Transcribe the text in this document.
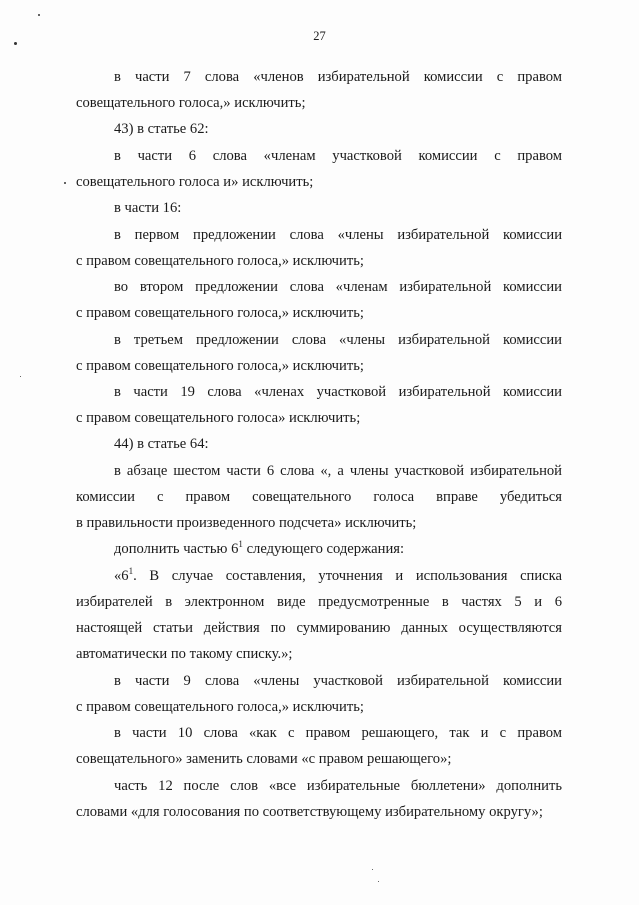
27
в части 7 слова «членов избирательной комиссии с правом
совещательного голоса,» исключить;
43) в статье 62:
в части 6 слова «членам участковой комиссии с правом
совещательного голоса и» исключить;
в части 16:
в первом предложении слова «члены избирательной комиссии
с правом совещательного голоса,» исключить;
во втором предложении слова «членам избирательной комиссии
с правом совещательного голоса,» исключить;
в третьем предложении слова «члены избирательной комиссии
с правом совещательного голоса,» исключить;
в части 19 слова «членах участковой избирательной комиссии
с правом совещательного голоса» исключить;
44) в статье 64:
в абзаце шестом части 6 слова «, а члены участковой избирательной
комиссии с правом совещательного голоса вправе убедиться
в правильности произведенного подсчета» исключить;
дополнить частью $6^1$ следующего содержания:
«$6^1$. В случае составления, уточнения и использования списка
избирателей в электронном виде предусмотренные в частях 5 и 6
настоящей статьи действия по суммированию данных осуществляются
автоматически по такому списку.»;
в части 9 слова «члены участковой избирательной комиссии
с правом совещательного голоса,» исключить;
в части 10 слова «как с правом решающего, так и с правом
совещательного» заменить словами «с правом решающего»;
часть 12 после слов «все избирательные бюллетени» дополнить
словами «для голосования по соответствующему избирательному округу»;
